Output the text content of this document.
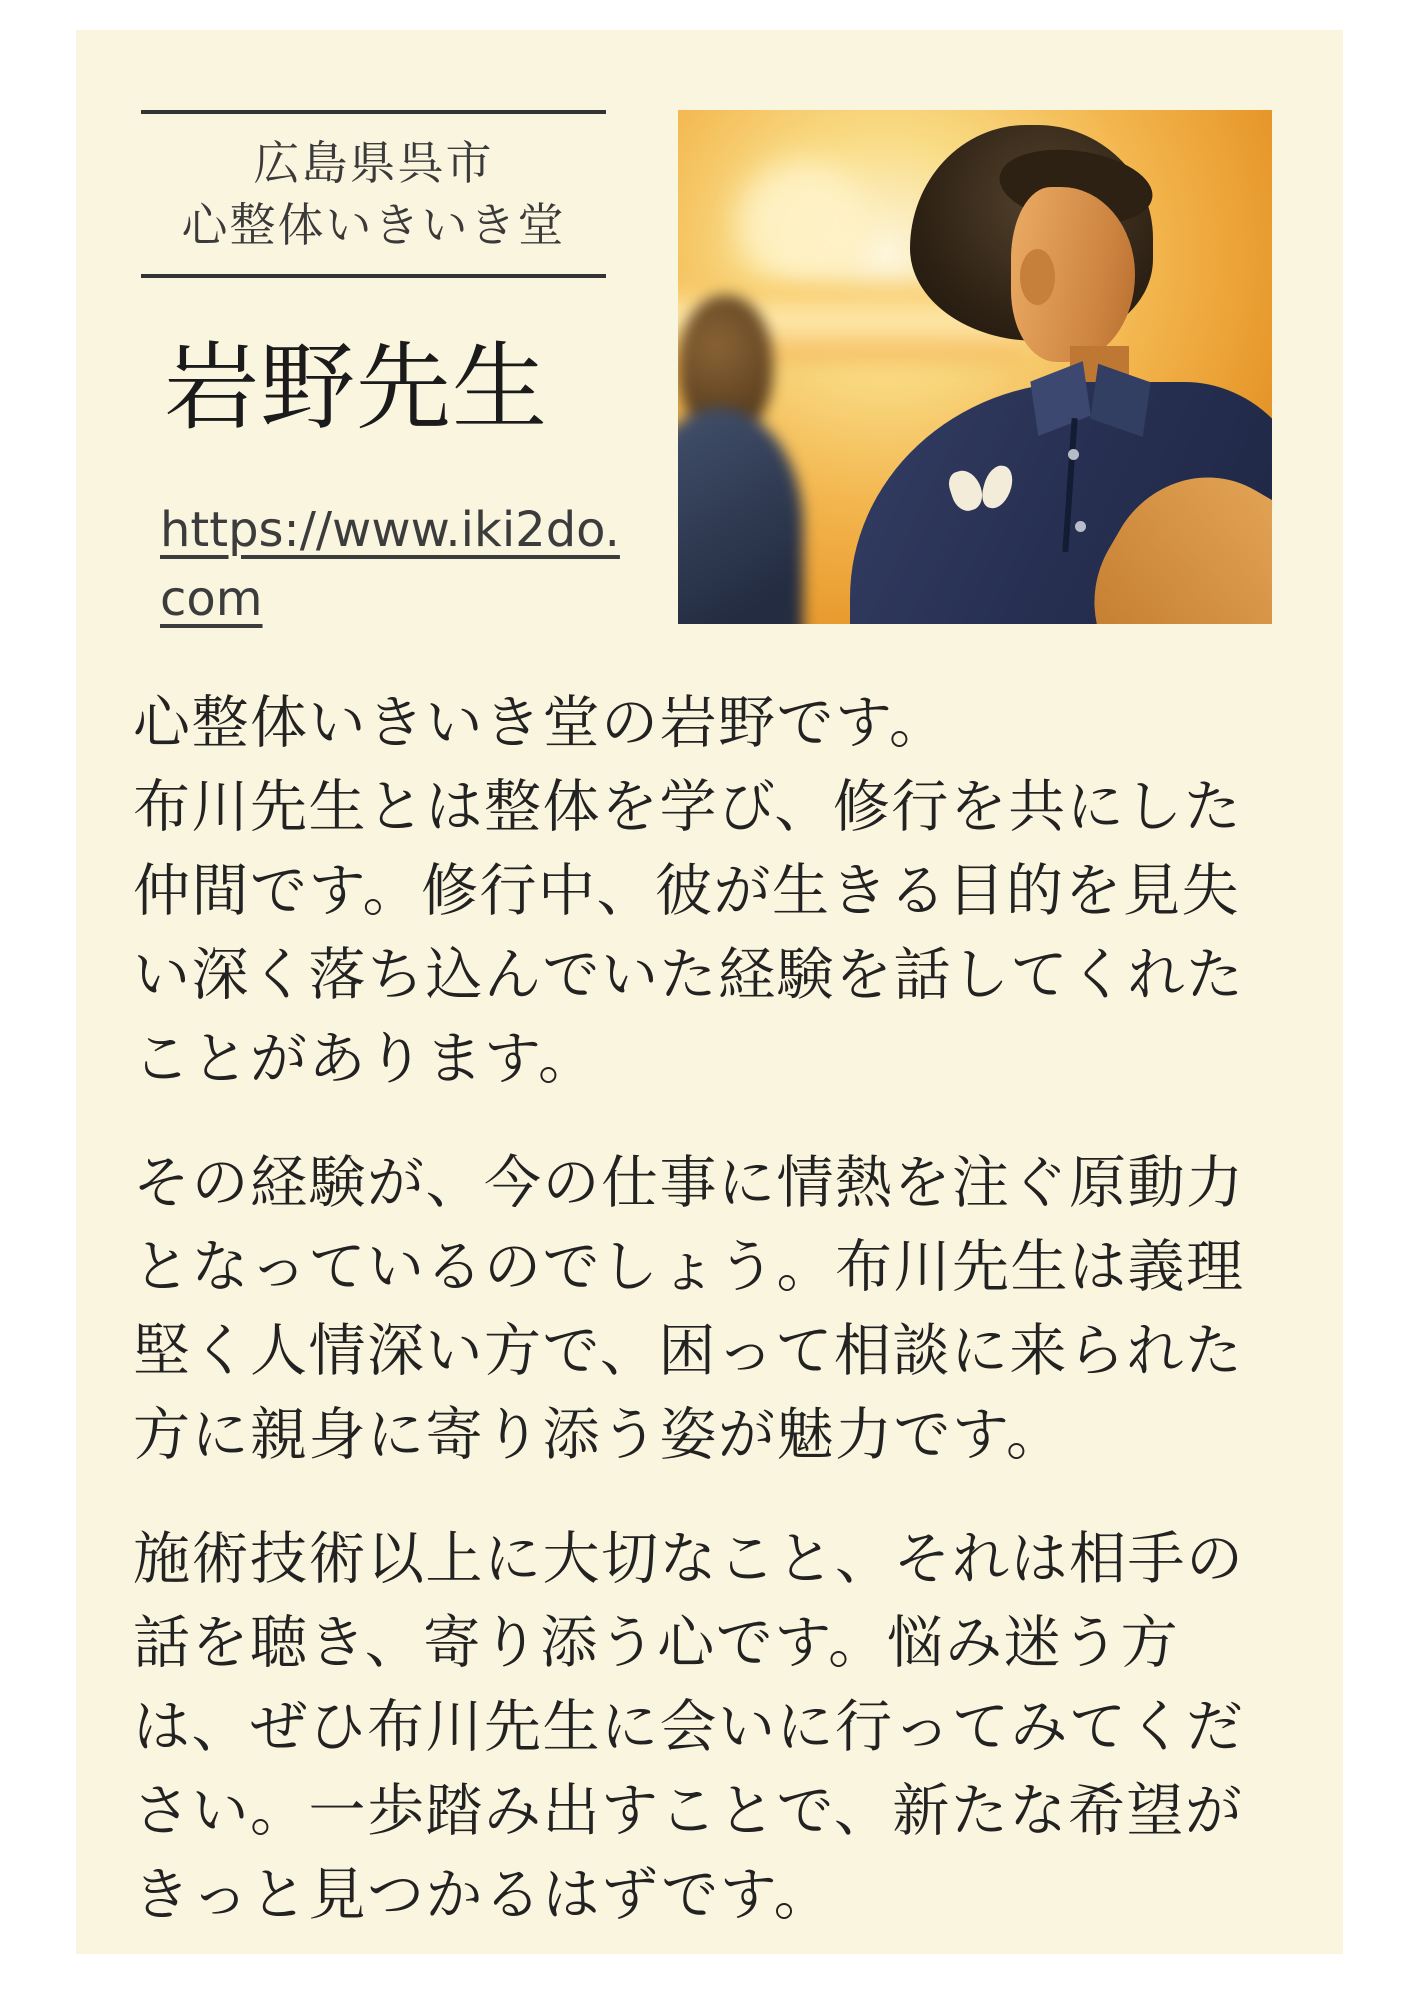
広島県呉市
心整体いきいき堂
岩野先生
https://www.iki2do.
com

心整体いきいき堂の岩野です。
布川先生とは整体を学び、修行を共にした
仲間です。修行中、彼が生きる目的を見失
い深く落ち込んでいた経験を話してくれた
ことがあります。

その経験が、今の仕事に情熱を注ぐ原動力
となっているのでしょう。布川先生は義理
堅く人情深い方で、困って相談に来られた
方に親身に寄り添う姿が魅力です。

施術技術以上に大切なこと、それは相手の
話を聴き、寄り添う心です。悩み迷う方
は、ぜひ布川先生に会いに行ってみてくだ
さい。一歩踏み出すことで、新たな希望が
きっと見つかるはずです。
